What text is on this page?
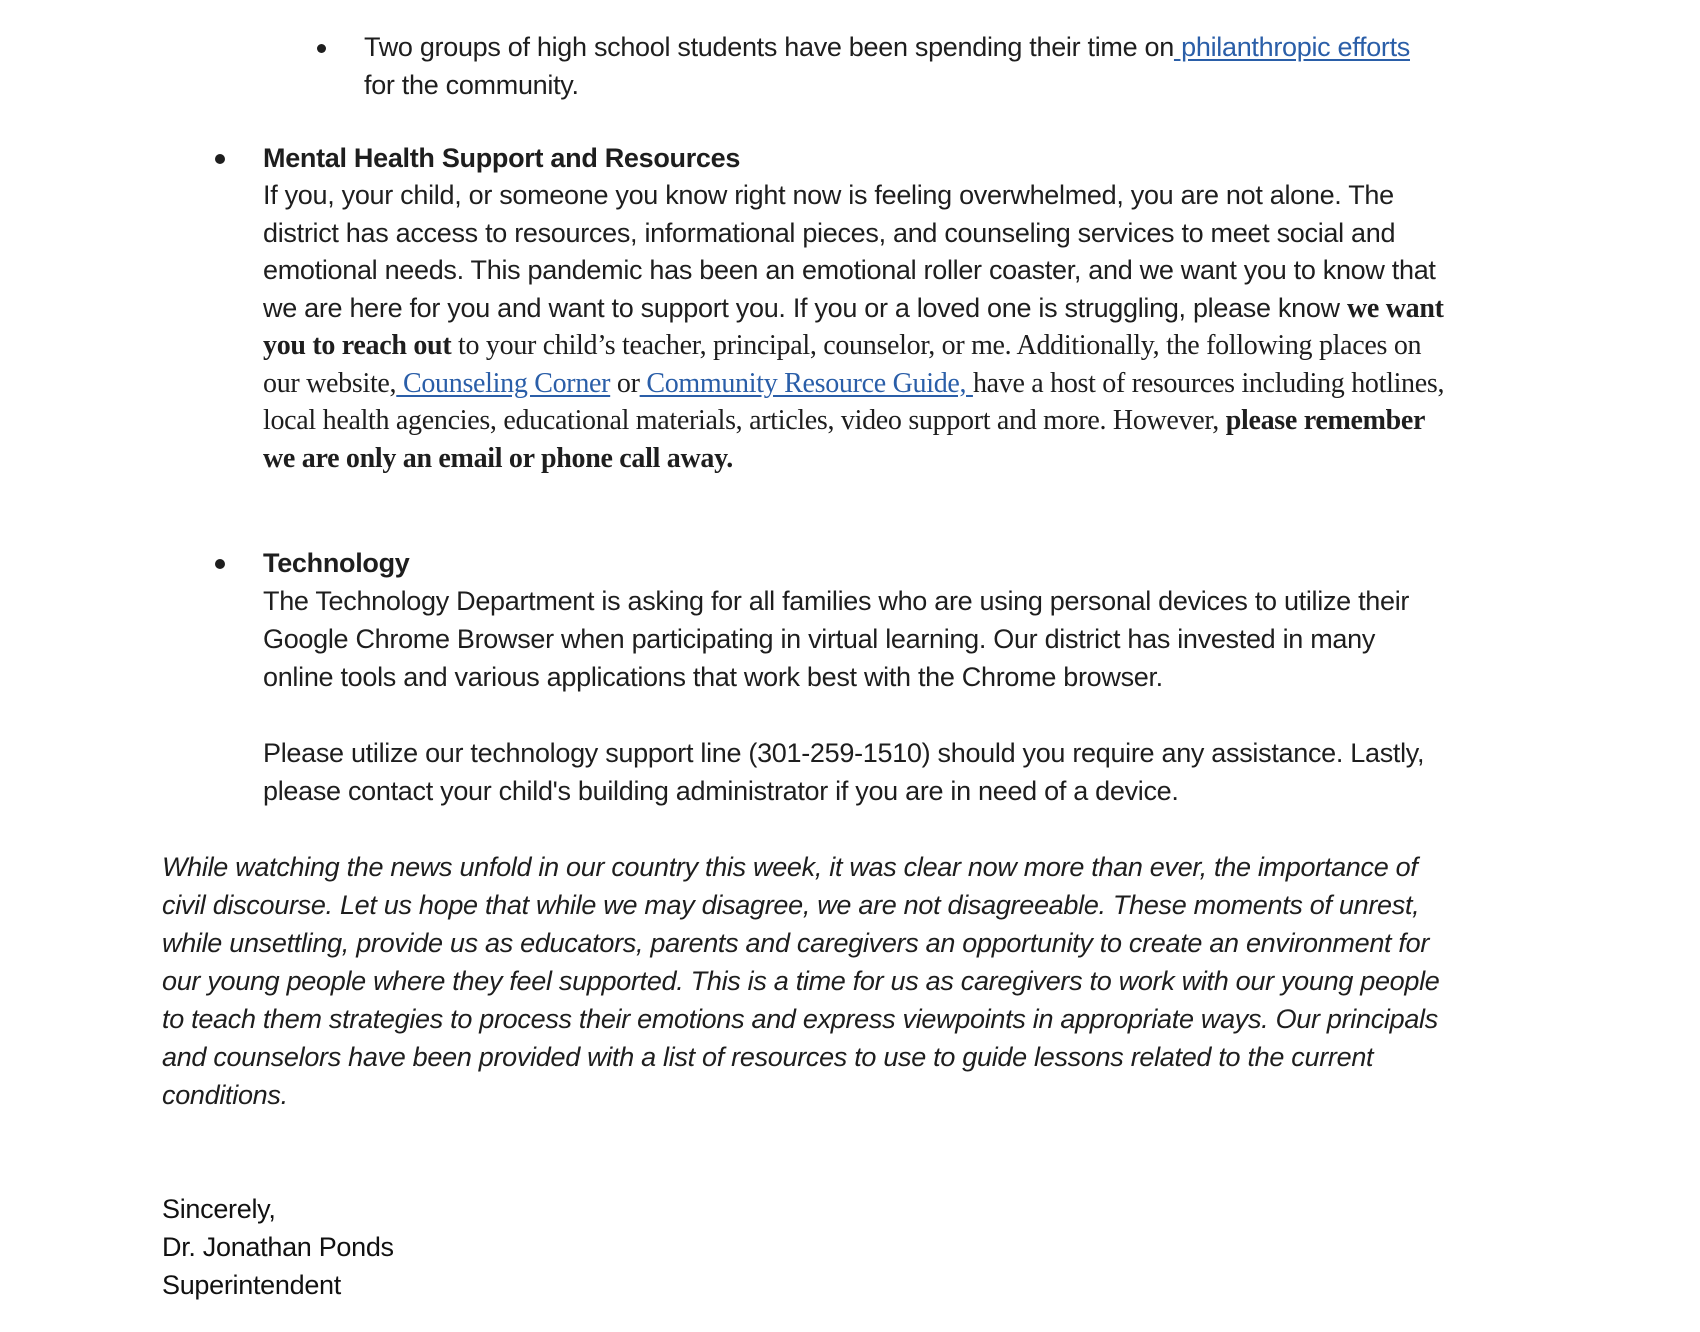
Two groups of high school students have been spending their time on philanthropic efforts for the community.

Mental Health Support and Resources

If you, your child, or someone you know right now is feeling overwhelmed, you are not alone. The district has access to resources, informational pieces, and counseling services to meet social and emotional needs. This pandemic has been an emotional roller coaster, and we want you to know that we are here for you and want to support you. If you or a loved one is struggling, please know we want you to reach out to your child’s teacher, principal, counselor, or me. Additionally, the following places on our website, Counseling Corner or Community Resource Guide, have a host of resources including hotlines, local health agencies, educational materials, articles, video support and more. However, please remember we are only an email or phone call away.

Technology

The Technology Department is asking for all families who are using personal devices to utilize their Google Chrome Browser when participating in virtual learning. Our district has invested in many online tools and various applications that work best with the Chrome browser.

Please utilize our technology support line (301-259-1510) should you require any assistance. Lastly, please contact your child's building administrator if you are in need of a device.

While watching the news unfold in our country this week, it was clear now more than ever, the importance of civil discourse. Let us hope that while we may disagree, we are not disagreeable. These moments of unrest, while unsettling, provide us as educators, parents and caregivers an opportunity to create an environment for our young people where they feel supported. This is a time for us as caregivers to work with our young people to teach them strategies to process their emotions and express viewpoints in appropriate ways. Our principals and counselors have been provided with a list of resources to use to guide lessons related to the current conditions.

Sincerely,

Dr. Jonathan Ponds

Superintendent
